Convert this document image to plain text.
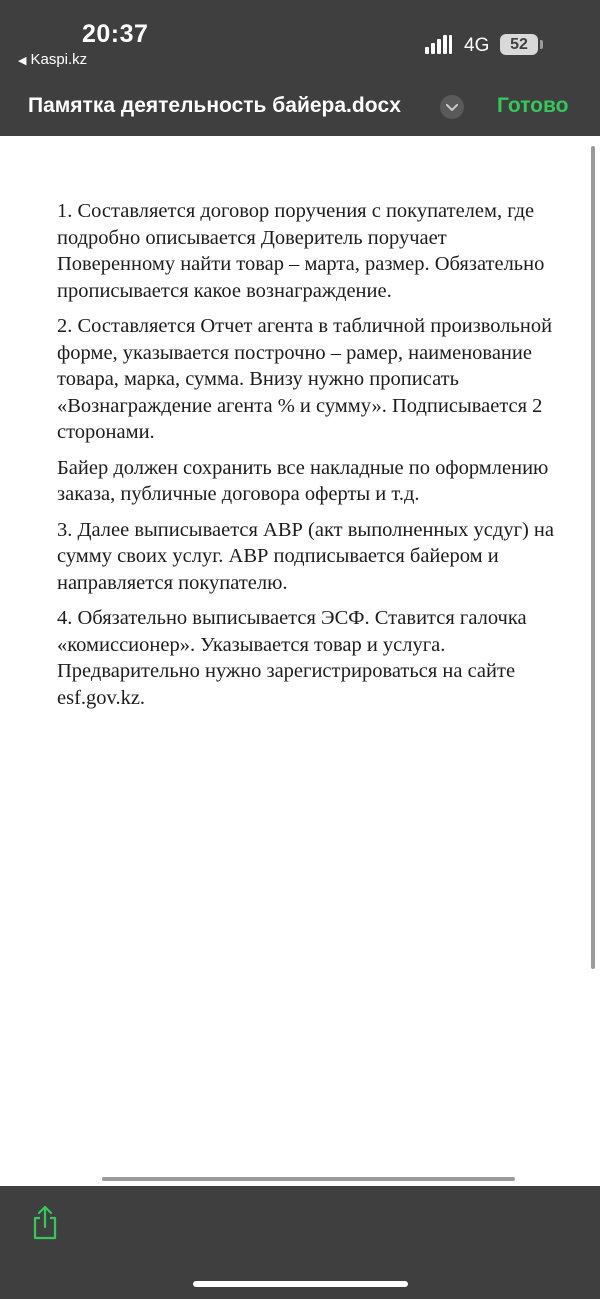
20:37
◀ Kaspi.kz
4G	52
Памятка деятельность байера.docx	Готово

1. Составляется договор поручения с покупателем, где подробно описывается Доверитель поручает Поверенному найти товар – марта, размер. Обязательно прописывается какое вознаграждение.

2. Составляется Отчет агента в табличной произвольной форме, указывается построчно – рамер, наименование товара, марка, сумма. Внизу нужно прописать «Вознаграждение агента % и сумму». Подписывается 2 сторонами.

Байер должен сохранить все накладные по оформлению заказа, публичные договора оферты и т.д.

3. Далее выписывается АВР (акт выполненных усдуг) на сумму своих услуг. АВР подписывается байером и направляется покупателю.

4. Обязательно выписывается ЭСФ. Ставится галочка «комиссионер». Указывается товар и услуга. Предварительно нужно зарегистрироваться на сайте esf.gov.kz.
